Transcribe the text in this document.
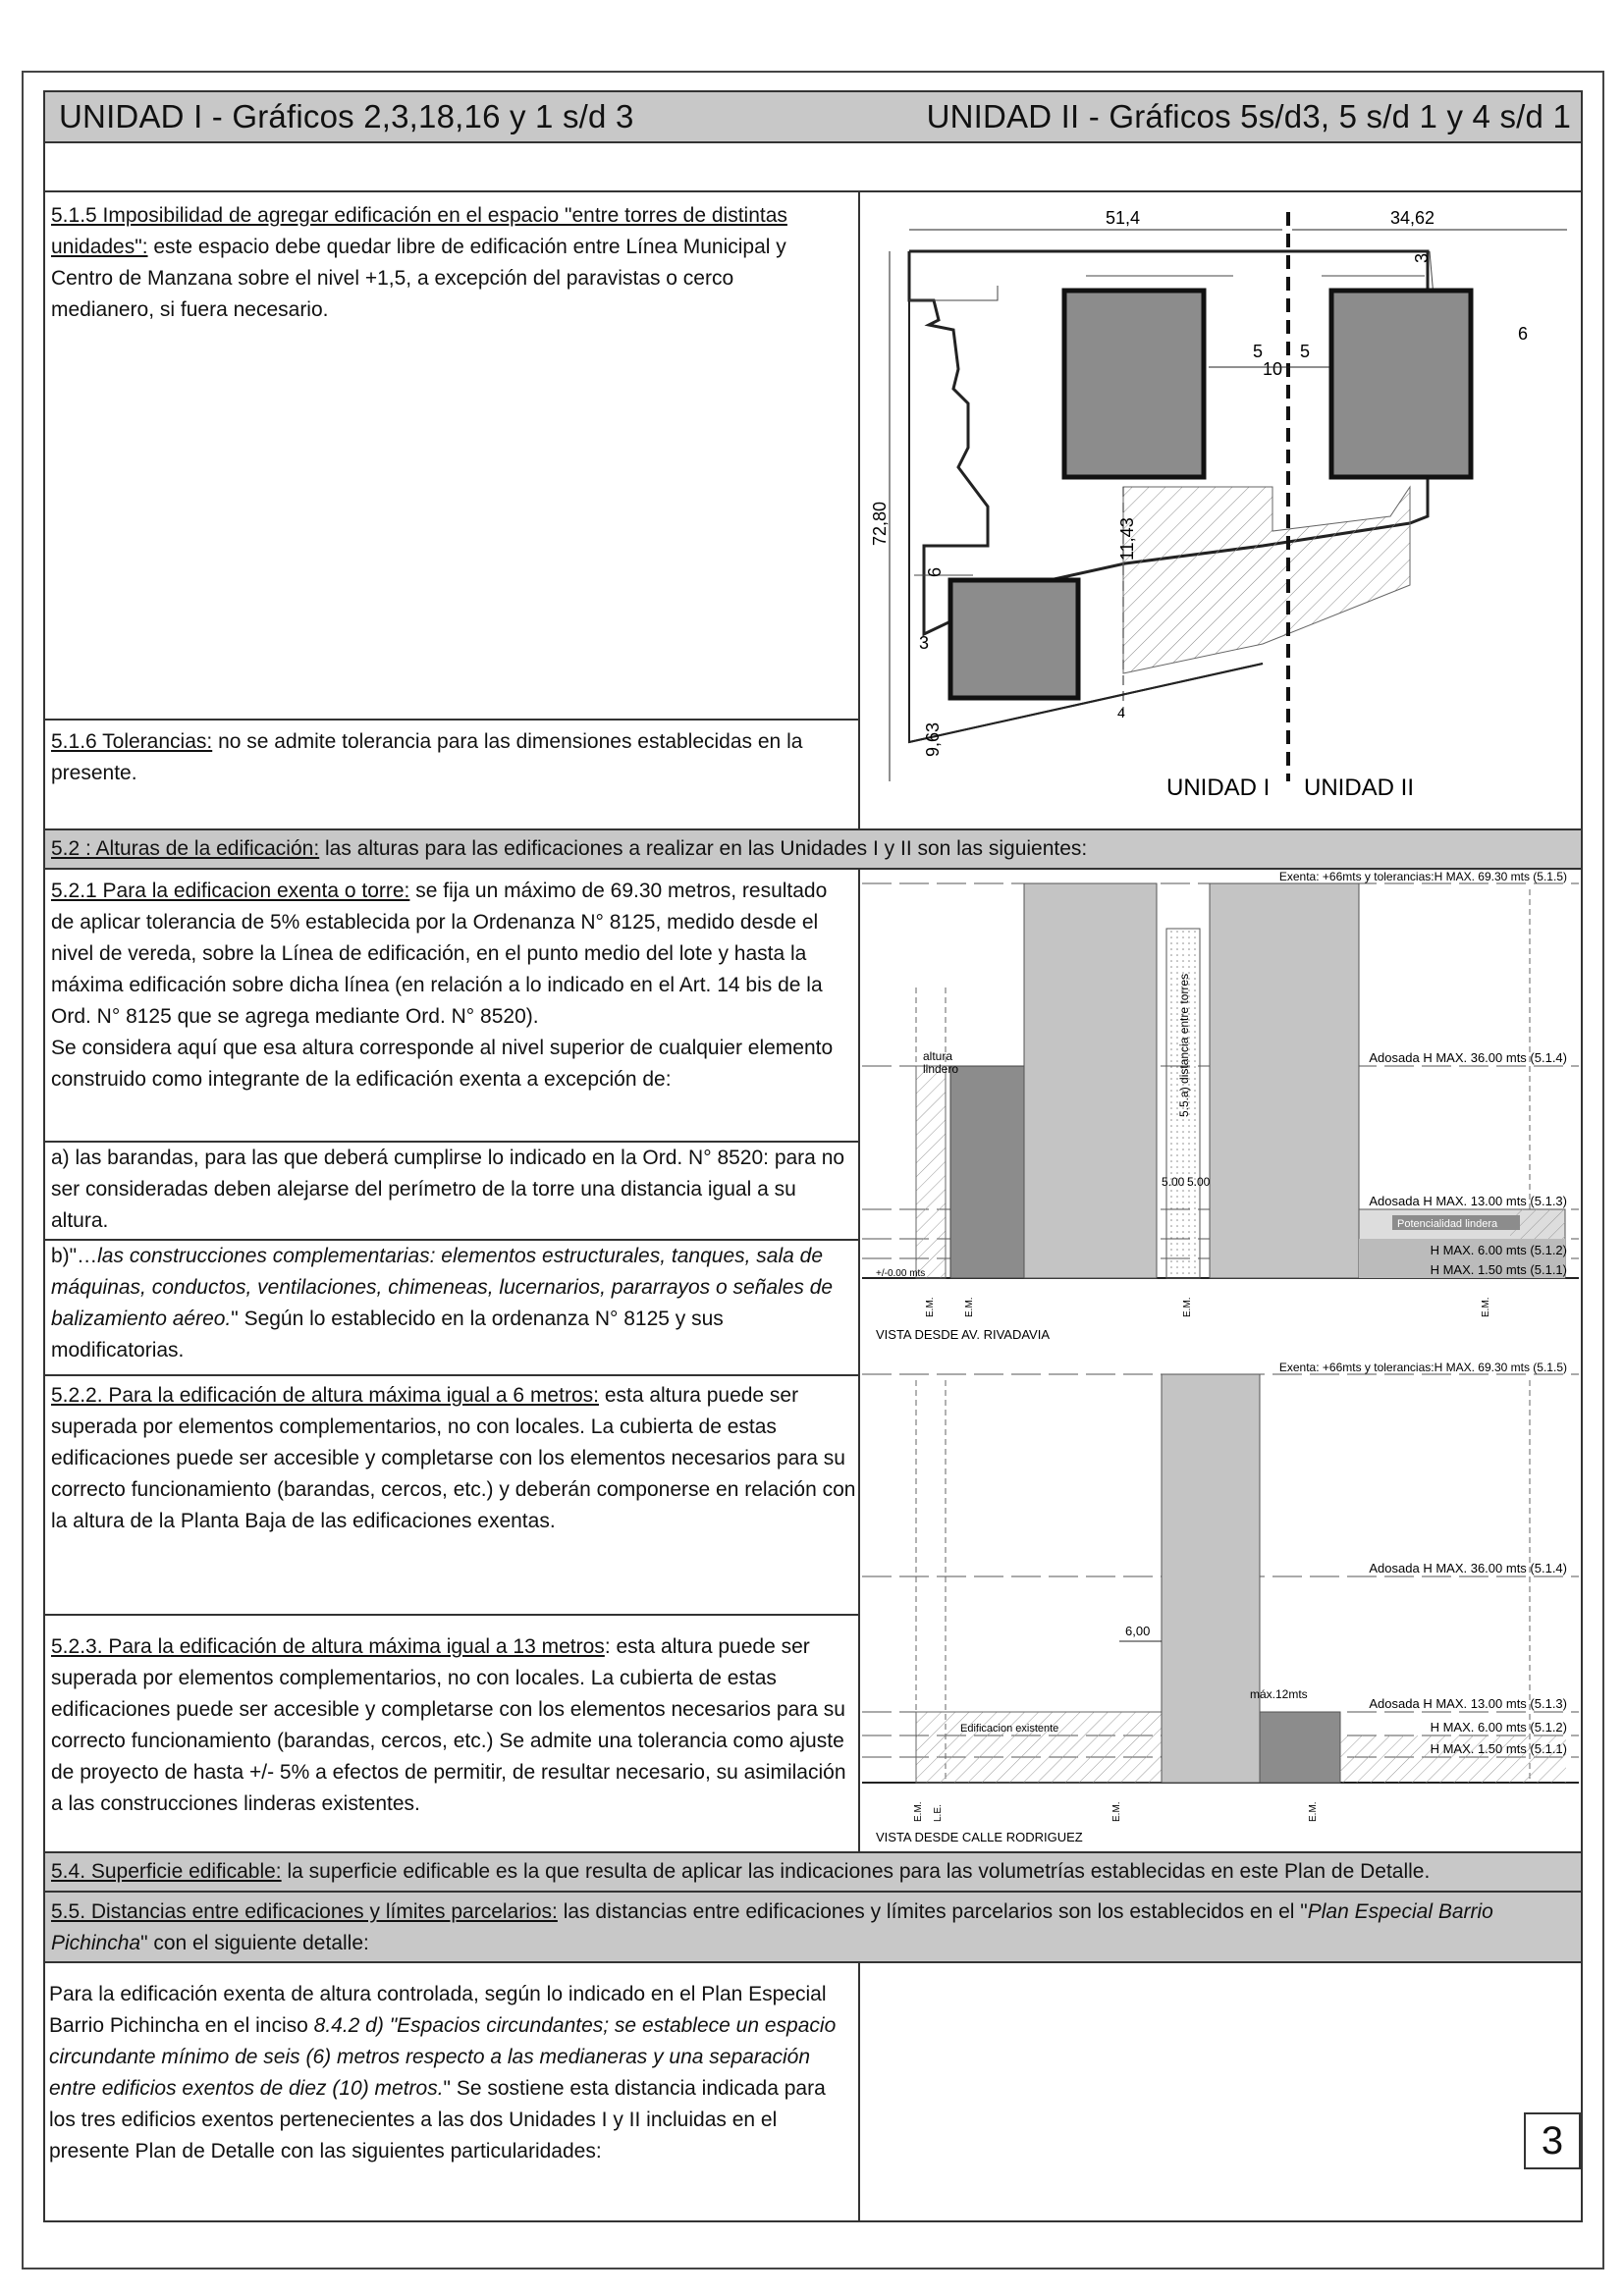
UNIDAD I - Gráficos 2,3,18,16 y 1 s/d 3	UNIDAD II - Gráficos 5s/d3, 5 s/d 1 y 4 s/d 1
5.1.5 Imposibilidad de agregar edificación en el espacio "entre torres de distintas unidades": este espacio debe quedar libre de edificación entre Línea Municipal y Centro de Manzana sobre el nivel +1,5, a excepción del paravistas o cerco medianero, si fuera necesario.
5.1.6 Tolerancias: no se admite tolerancia para las dimensiones establecidas en la presente.
51,4	34,62
3
5 5
10
6
72,80	11,43
6
3
9,63
4
UNIDAD I UNIDAD II
5.2 : Alturas de la edificación: las alturas para las edificaciones a realizar en las Unidades I y II son las siguientes:
5.2.1 Para la edificacion exenta o torre: se fija un máximo de 69.30 metros, resultado de aplicar tolerancia de 5% establecida por la Ordenanza N° 8125, medido desde el nivel de vereda, sobre la Línea de edificación, en el punto medio del lote y hasta la máxima edificación sobre dicha línea (en relación a lo indicado en el Art. 14 bis de la Ord. N° 8125 que se agrega mediante Ord. N° 8520).
Se considera aquí que esa altura corresponde al nivel superior de cualquier elemento construido como integrante de la edificación exenta a excepción de:
a) las barandas, para las que deberá cumplirse lo indicado en la Ord. N° 8520: para no ser consideradas deben alejarse del perímetro de la torre una distancia igual a su altura.
b)"…las construcciones complementarias: elementos estructurales, tanques, sala de máquinas, conductos, ventilaciones, chimeneas, lucernarios, pararrayos o señales de balizamiento aéreo." Según lo establecido en la ordenanza N° 8125 y sus modificatorias.
5.2.2. Para la edificación de altura máxima igual a 6 metros: esta altura puede ser superada por elementos complementarios, no con locales. La cubierta de estas edificaciones puede ser accesible y completarse con los elementos necesarios para su correcto funcionamiento (barandas, cercos, etc.) y deberán componerse en relación con la altura de la Planta Baja de las edificaciones exentas.
5.2.3. Para la edificación de altura máxima igual a 13 metros: esta altura puede ser superada por elementos complementarios, no con locales. La cubierta de estas edificaciones puede ser accesible y completarse con los elementos necesarios para su correcto funcionamiento (barandas, cercos, etc.) Se admite una tolerancia como ajuste de proyecto de hasta +/- 5% a efectos de permitir, de resultar necesario, su asimilación a las construcciones linderas existentes.
Exenta: +66mts y tolerancias:H MAX. 69.30 mts (5.1.5)
Adosada H MAX. 36.00 mts (5.1.4)
Adosada H MAX. 13.00 mts (5.1.3)
Potencialidad lindera
H MAX. 6.00 mts (5.1.2)
H MAX. 1.50 mts (5.1.1)
altura
lindero	5.5.a) distancia entre torres
5.00 5.00
+/-0.00 mts
E.M.	E.M.	E.M.	E.M.
VISTA DESDE AV. RIVADAVIA
Exenta: +66mts y tolerancias:H MAX. 69.30 mts (5.1.5)
Adosada H MAX. 36.00 mts (5.1.4)
Adosada H MAX. 13.00 mts (5.1.3)
H MAX. 6.00 mts (5.1.2)
H MAX. 1.50 mts (5.1.1)
6,00
máx.12mts
Edificacion existente
E.M. L.E.	E.M.	E.M.
VISTA DESDE CALLE RODRIGUEZ
5.4. Superficie edificable: la superficie edificable es la que resulta de aplicar las indicaciones para las volumetrías establecidas en este Plan de Detalle.
5.5. Distancias entre edificaciones y límites parcelarios: las distancias entre edificaciones y límites parcelarios son los establecidos en el "Plan Especial Barrio Pichincha" con el siguiente detalle:
Para la edificación exenta de altura controlada, según lo indicado en el Plan Especial Barrio Pichincha en el inciso 8.4.2 d) "Espacios circundantes; se establece un espacio circundante mínimo de seis (6) metros respecto a las medianeras y una separación entre edificios exentos de diez (10) metros." Se sostiene esta distancia indicada para los tres edificios exentos pertenecientes a las dos Unidades I y II incluidas en el presente Plan de Detalle con las siguientes particularidades:	3
